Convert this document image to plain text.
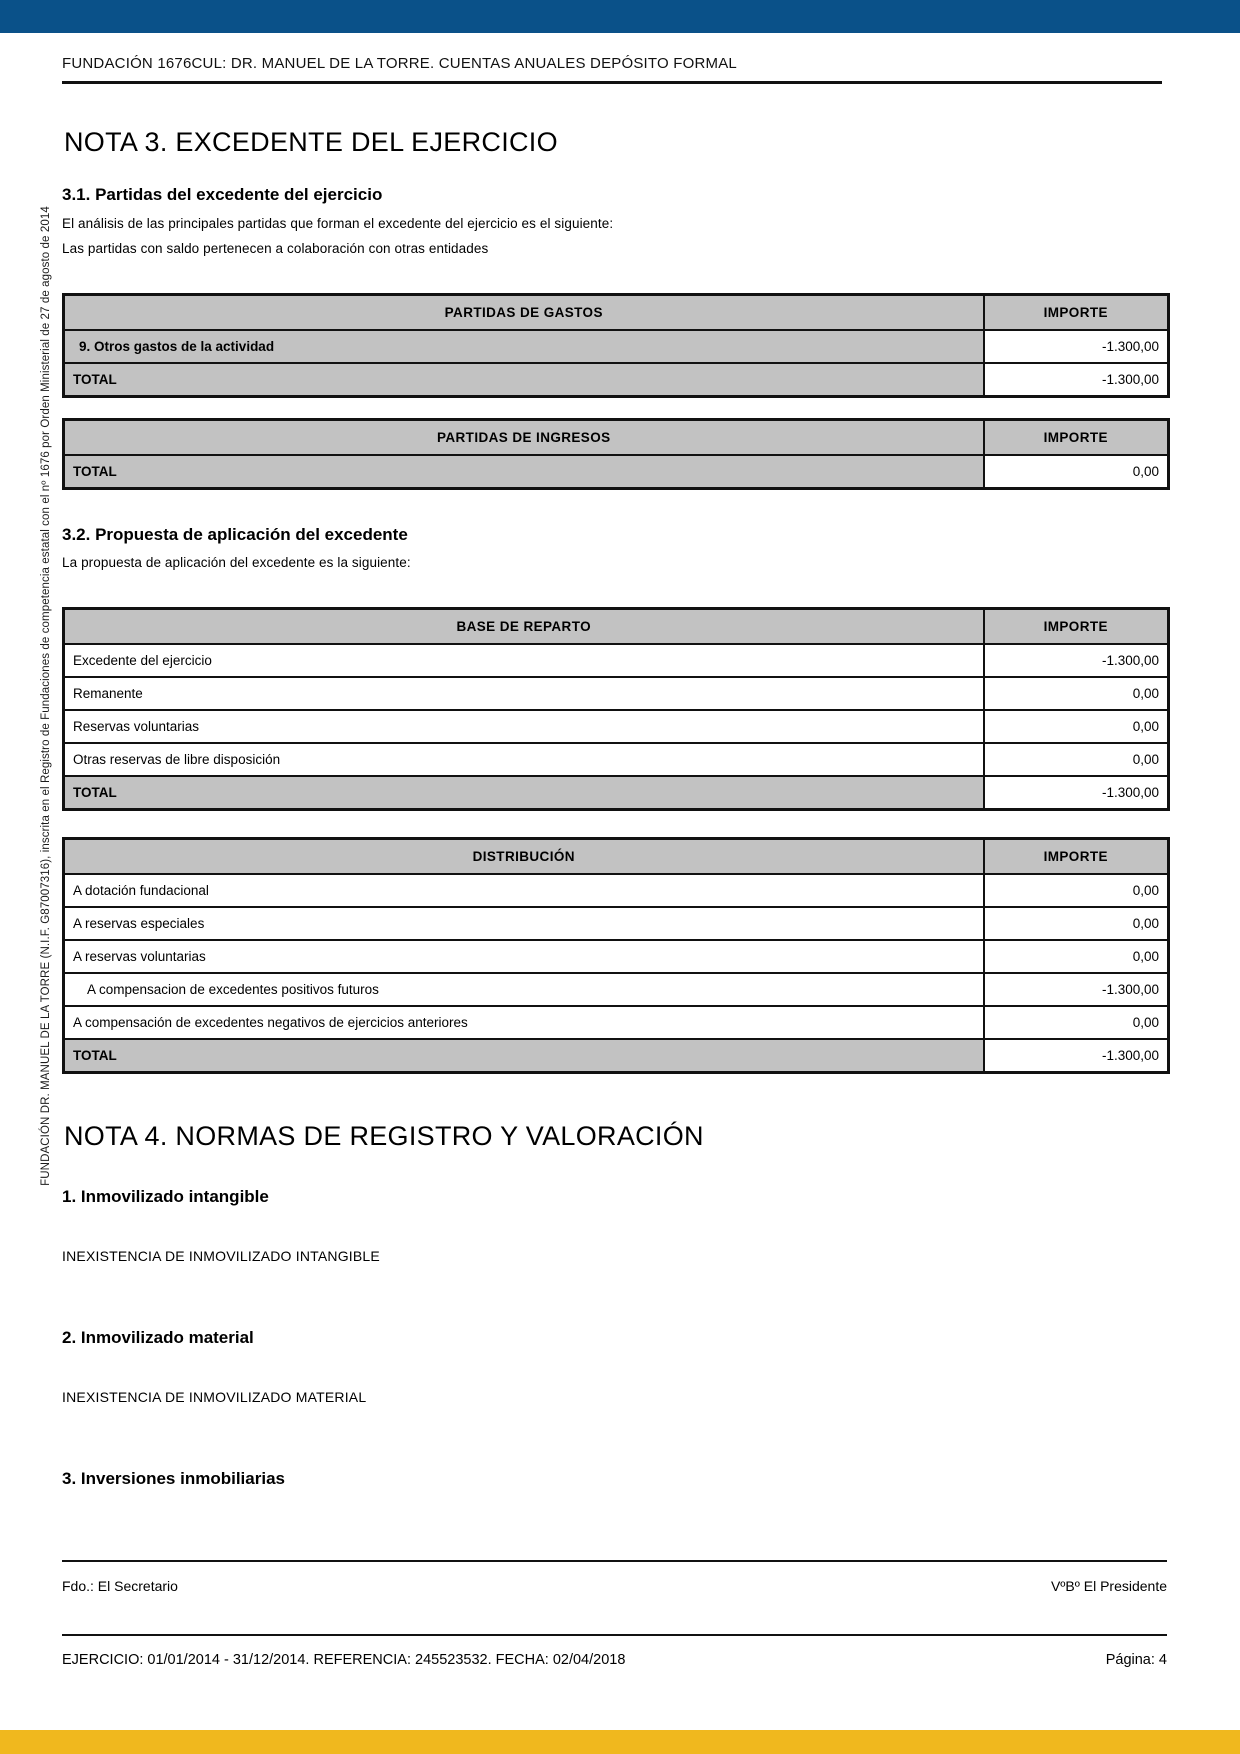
FUNDACIÓN DR. MANUEL DE LA TORRE (N.I.F. G87007316), inscrita en el Registro de Fundaciones de competencia estatal con el nº 1676 por Orden Ministerial de 27 de agosto de 2014
FUNDACIÓN 1676CUL: DR. MANUEL DE LA TORRE. CUENTAS ANUALES DEPÓSITO FORMAL
NOTA 3. EXCEDENTE DEL EJERCICIO
3.1. Partidas del excedente del ejercicio

El análisis de las principales partidas que forman el excedente del ejercicio es el siguiente:

Las partidas con saldo pertenecen a colaboración con otras entidades

PARTIDAS DE GASTOS	IMPORTE
9. Otros gastos de la actividad	-1.300,00
TOTAL	-1.300,00
PARTIDAS DE INGRESOS	IMPORTE
TOTAL	0,00
3.2. Propuesta de aplicación del excedente

La propuesta de aplicación del excedente es la siguiente:

BASE DE REPARTO	IMPORTE
Excedente del ejercicio	-1.300,00
Remanente	0,00
Reservas voluntarias	0,00
Otras reservas de libre disposición	0,00
TOTAL	-1.300,00
DISTRIBUCIÓN	IMPORTE
A dotación fundacional	0,00
A reservas especiales	0,00
A reservas voluntarias	0,00
A compensacion de excedentes positivos futuros	-1.300,00
A compensación de excedentes negativos de ejercicios anteriores	0,00
TOTAL	-1.300,00
NOTA 4. NORMAS DE REGISTRO Y VALORACIÓN
1. Inmovilizado intangible

INEXISTENCIA DE INMOVILIZADO INTANGIBLE

2. Inmovilizado material

INEXISTENCIA DE INMOVILIZADO MATERIAL

3. Inversiones inmobiliarias
Fdo.: El Secretario	VºBº El Presidente
EJERCICIO: 01/01/2014 - 31/12/2014. REFERENCIA: 245523532. FECHA: 02/04/2018	Página: 4
